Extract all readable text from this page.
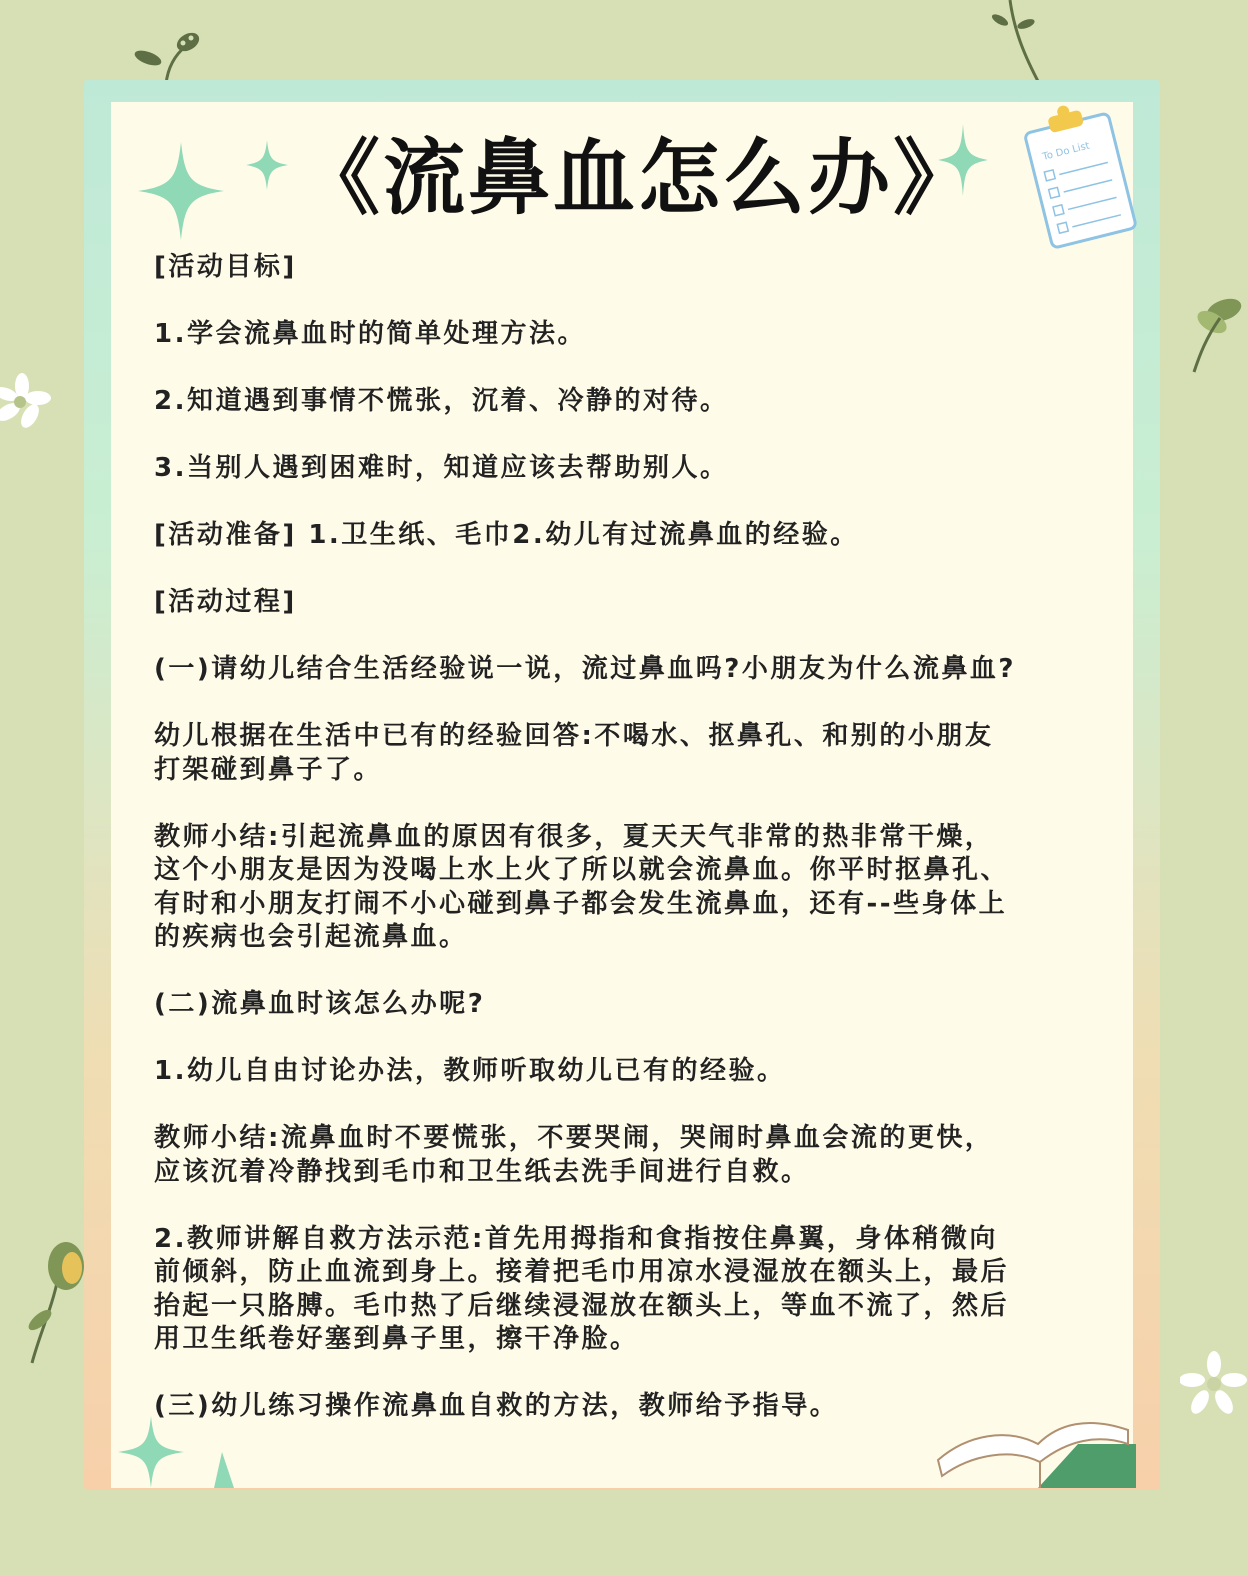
To Do List
《流鼻血怎么办》

[活动目标]

1.学会流鼻血时的简单处理方法。

2.知道遇到事情不慌张，沉着、冷静的对待。

3.当别人遇到困难时，知道应该去帮助别人。

[活动准备] 1.卫生纸、毛巾2.幼儿有过流鼻血的经验。

[活动过程]

(一)请幼儿结合生活经验说一说，流过鼻血吗?小朋友为什么流鼻血?

幼儿根据在生活中已有的经验回答:不喝水、抠鼻孔、和别的小朋友
打架碰到鼻子了。

教师小结:引起流鼻血的原因有很多，夏天天气非常的热非常干燥，
这个小朋友是因为没喝上水上火了所以就会流鼻血。你平时抠鼻孔、
有时和小朋友打闹不小心碰到鼻子都会发生流鼻血，还有--些身体上
的疾病也会引起流鼻血。

(二)流鼻血时该怎么办呢?

1.幼儿自由讨论办法，教师听取幼儿已有的经验。

教师小结:流鼻血时不要慌张，不要哭闹，哭闹时鼻血会流的更快，
应该沉着冷静找到毛巾和卫生纸去洗手间进行自救。

2.教师讲解自救方法示范:首先用拇指和食指按住鼻翼，身体稍微向
前倾斜，防止血流到身上。接着把毛巾用凉水浸湿放在额头上，最后
抬起一只胳膊。毛巾热了后继续浸湿放在额头上，等血不流了，然后
用卫生纸卷好塞到鼻子里，擦干净脸。

(三)幼儿练习操作流鼻血自救的方法，教师给予指导。
